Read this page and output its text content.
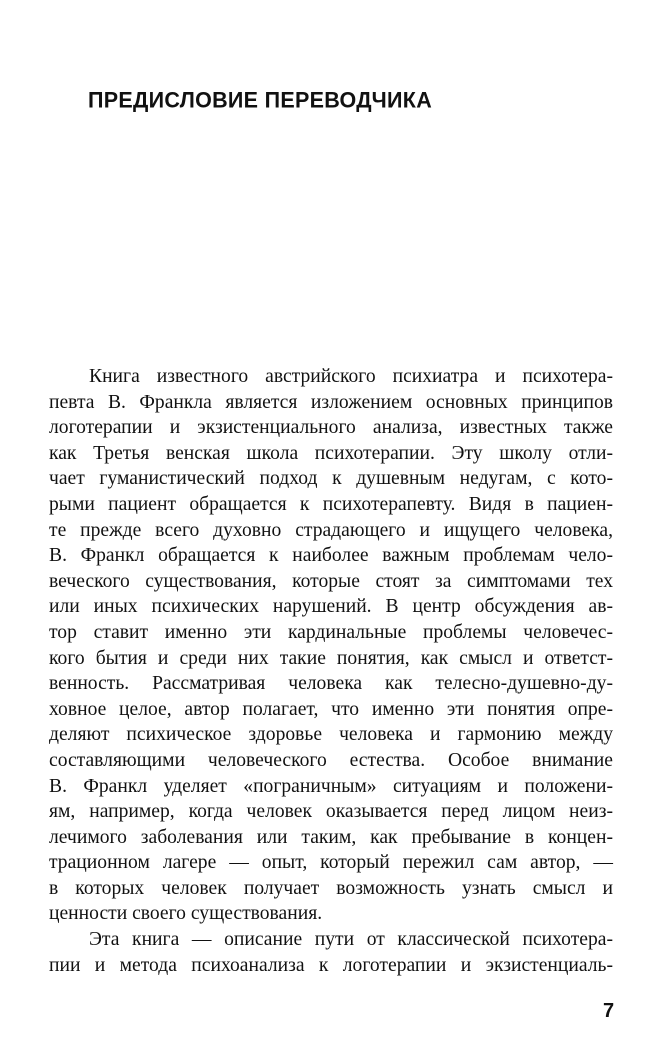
ПРЕДИСЛОВИЕ ПЕРЕВОДЧИКА
Книга известного австрийского психиатра и психотера-
певта В. Франкла является изложением основных принципов
логотерапии и экзистенциального анализа, известных также
как Третья венская школа психотерапии. Эту школу отли-
чает гуманистический подход к душевным недугам, с кото-
рыми пациент обращается к психотерапевту. Видя в пациен-
те прежде всего духовно страдающего и ищущего человека,
В. Франкл обращается к наиболее важным проблемам чело-
веческого существования, которые стоят за симптомами тех
или иных психических нарушений. В центр обсуждения ав-
тор ставит именно эти кардинальные проблемы человечес-
кого бытия и среди них такие понятия, как смысл и ответст-
венность. Рассматривая человека как телесно-душевно-ду-
ховное целое, автор полагает, что именно эти понятия опре-
деляют психическое здоровье человека и гармонию между
составляющими человеческого естества. Особое внимание
В. Франкл уделяет «пограничным» ситуациям и положени-
ям, например, когда человек оказывается перед лицом неиз-
лечимого заболевания или таким, как пребывание в концен-
трационном лагере — опыт, который пережил сам автор, —
в которых человек получает возможность узнать смысл и
ценности своего существования.
Эта книга — описание пути от классической психотера-
пии и метода психоанализа к логотерапии и экзистенциаль-
7
